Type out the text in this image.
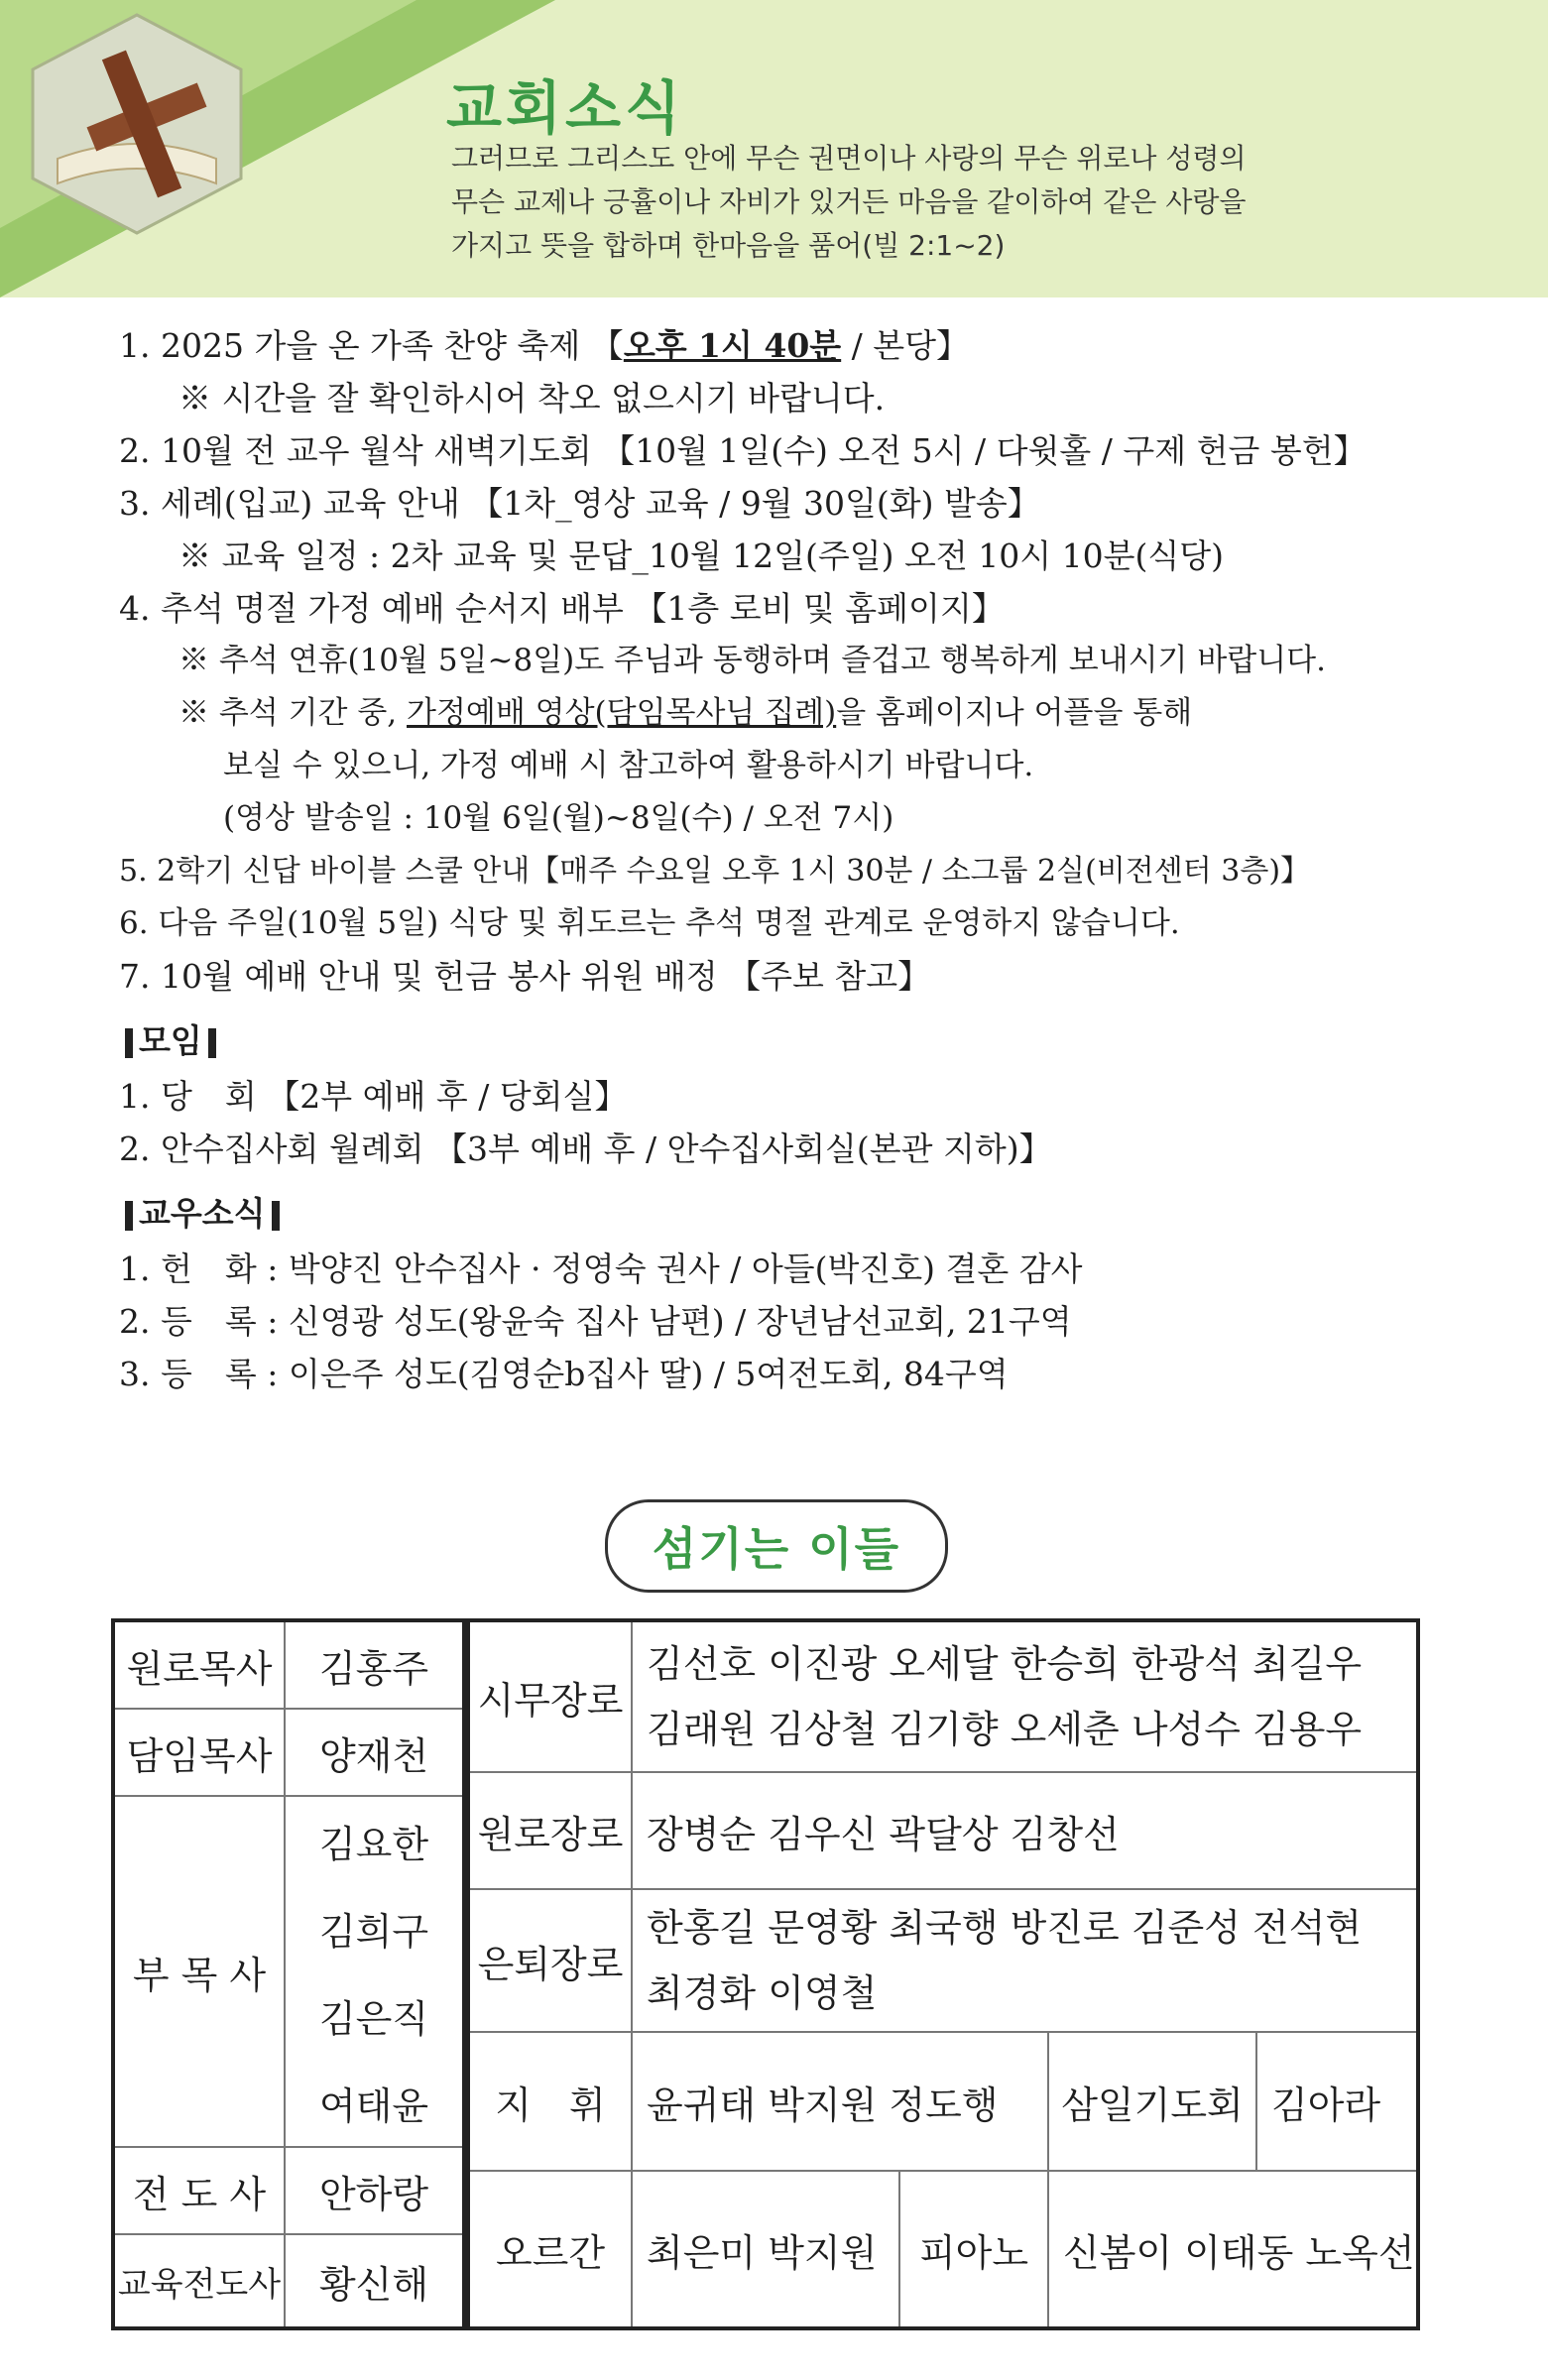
교회소식
그러므로 그리스도 안에 무슨 권면이나 사랑의 무슨 위로나 성령의
무슨 교제나 긍휼이나 자비가 있거든 마음을 같이하여 같은 사랑을
가지고 뜻을 합하며 한마음을 품어(빌 2:1~2)
1. 2025 가을 온 가족 찬양 축제 【오후 1시 40분 / 본당】
※ 시간을 잘 확인하시어 착오 없으시기 바랍니다.
2. 10월 전 교우 월삭 새벽기도회 【10월 1일(수) 오전 5시 / 다윗홀 / 구제 헌금 봉헌】
3. 세례(입교) 교육 안내 【1차_영상 교육 / 9월 30일(화) 발송】
※ 교육 일정 : 2차 교육 및 문답_10월 12일(주일) 오전 10시 10분(식당)
4. 추석 명절 가정 예배 순서지 배부 【1층 로비 및 홈페이지】
※ 추석 연휴(10월 5일~8일)도 주님과 동행하며 즐겁고 행복하게 보내시기 바랍니다.
※ 추석 기간 중, 가정예배 영상(담임목사님 집례)을 홈페이지나 어플을 통해
보실 수 있으니, 가정 예배 시 참고하여 활용하시기 바랍니다.
(영상 발송일 : 10월 6일(월)~8일(수) / 오전 7시)
5. 2학기 신답 바이블 스쿨 안내【매주 수요일 오후 1시 30분 / 소그룹 2실(비전센터 3층)】
6. 다음 주일(10월 5일) 식당 및 휘도르는 추석 명절 관계로 운영하지 않습니다.
7. 10월 예배 안내 및 헌금 봉사 위원 배정 【주보 참고】
모임
1. 당　회 【2부 예배 후 / 당회실】
2. 안수집사회 월례회 【3부 예배 후 / 안수집사회실(본관 지하)】
교우소식
1. 헌　화 : 박양진 안수집사 · 정영숙 권사 / 아들(박진호) 결혼 감사
2. 등　록 : 신영광 성도(왕윤숙 집사 남편) / 장년남선교회, 21구역
3. 등　록 : 이은주 성도(김영순b집사 딸) / 5여전도회, 84구역
섬기는 이들
원로목사	김홍주
담임목사	양재천
부 목 사
김요한
김희구
김은직
여태윤
전 도 사	안하랑
교육전도사	황신해
시무장로
김선호 이진광 오세달 한승희 한광석 최길우
김래원 김상철 김기향 오세춘 나성수 김용우
원로장로 장병순 김우신 곽달상 김창선
은퇴장로
한홍길 문영황 최국행 방진로 김준성 전석현
최경화 이영철
지　휘	윤귀태 박지원 정도행	삼일기도회 김아라
오르간	최은미 박지원	피아노 신봄이 이태동 노옥선
